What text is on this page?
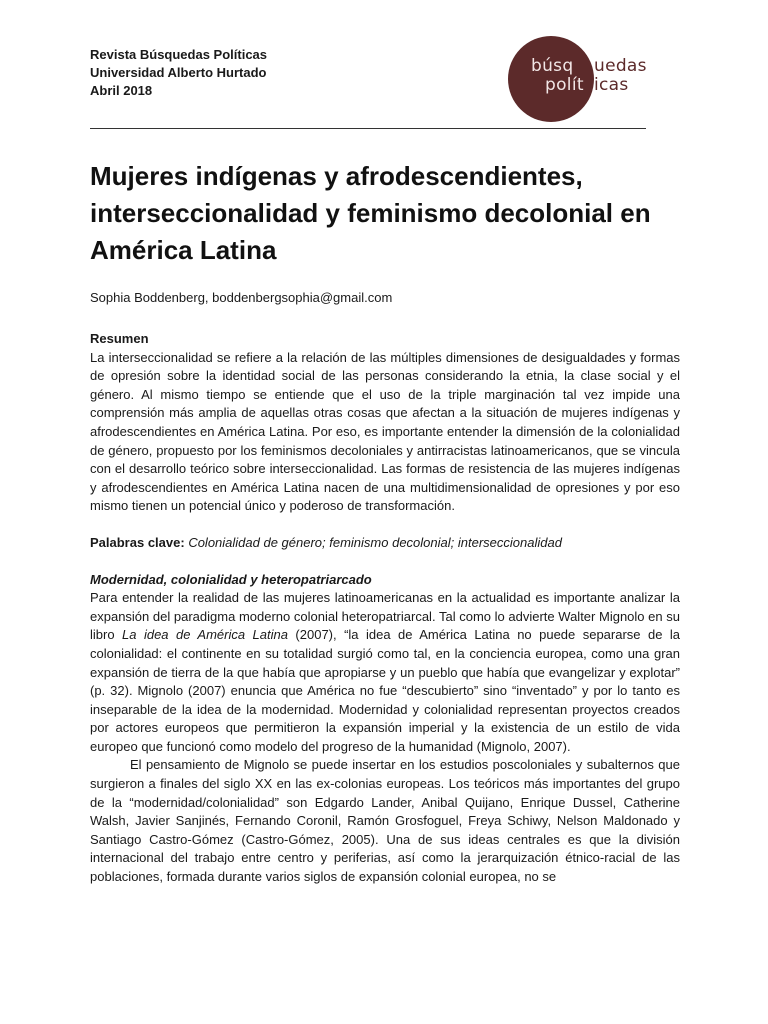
Revista Búsquedas Políticas
Universidad Alberto Hurtado
Abril 2018
búsq uedas
polít icas
Mujeres indígenas y afrodescendientes, interseccionalidad y feminismo decolonial en América Latina
Sophia Boddenberg, boddenbergsophia@gmail.com

Resumen

La interseccionalidad se refiere a la relación de las múltiples dimensiones de desigualdades y formas de opresión sobre la identidad social de las personas considerando la etnia, la clase social y el género. Al mismo tiempo se entiende que el uso de la triple marginación tal vez impide una comprensión más amplia de aquellas otras cosas que afectan a la situación de mujeres indígenas y afrodescendientes en América Latina. Por eso, es importante entender la dimensión de la colonialidad de género, propuesto por los feminismos decoloniales y antirracistas latinoamericanos, que se vincula con el desarrollo teórico sobre interseccionalidad. Las formas de resistencia de las mujeres indígenas y afrodescendientes en América Latina nacen de una multidimensionalidad de opresiones y por eso mismo tienen un potencial único y poderoso de transformación.

Palabras clave: Colonialidad de género; feminismo decolonial; interseccionalidad

Modernidad, colonialidad y heteropatriarcado

Para entender la realidad de las mujeres latinoamericanas en la actualidad es importante analizar la expansión del paradigma moderno colonial heteropatriarcal. Tal como lo advierte Walter Mignolo en su libro La idea de América Latina (2007), “la idea de América Latina no puede separarse de la colonialidad: el continente en su totalidad surgió como tal, en la conciencia europea, como una gran expansión de tierra de la que había que apropiarse y un pueblo que había que evangelizar y explotar” (p. 32). Mignolo (2007) enuncia que América no fue “descubierto” sino “inventado” y por lo tanto es inseparable de la idea de la modernidad. Modernidad y colonialidad representan proyectos creados por actores europeos que permitieron la expansión imperial y la existencia de un estilo de vida europeo que funcionó como modelo del progreso de la humanidad (Mignolo, 2007).

El pensamiento de Mignolo se puede insertar en los estudios poscoloniales y subalternos que surgieron a finales del siglo XX en las ex-colonias europeas. Los teóricos más importantes del grupo de la “modernidad/colonialidad” son Edgardo Lander, Anibal Quijano, Enrique Dussel, Catherine Walsh, Javier Sanjinés, Fernando Coronil, Ramón Grosfoguel, Freya Schiwy, Nelson Maldonado y Santiago Castro-Gómez (Castro-Gómez, 2005). Una de sus ideas centrales es que la división internacional del trabajo entre centro y periferias, así como la jerarquización étnico-racial de las poblaciones, formada durante varios siglos de expansión colonial europea, no se
